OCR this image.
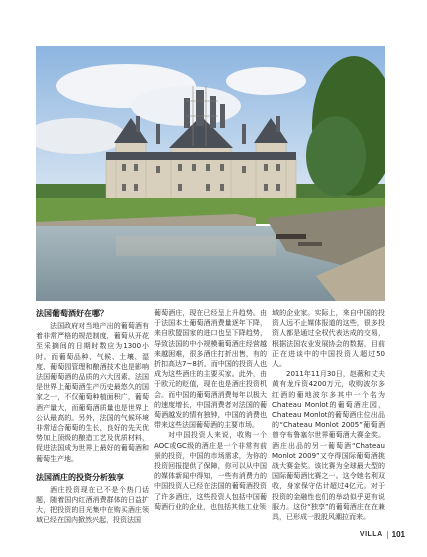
法国葡萄酒好在哪？

法国政府对当地产出的葡萄酒有着非常严格的规范制度，葡萄从开花至采摘间的日期时数应为1300小时。而葡萄品种、气候、土壤、湿度、葡萄园管理和酿酒技术也是影响法国葡萄酒的品质的六大因素。法国是世界上葡萄酒生产历史最悠久的国家之一，不仅葡萄种植面积广，葡萄酒产量大，而葡萄酒质量也是世界上公认最高的。另外，法国的气候环境非常适合葡萄的生长，良好的先天优势加上顶级的酿造工艺及优质材料，促进法国成为世界上最好的葡萄酒和葡萄生产地。

法国酒庄的投资分析独享

酒庄投资现在已不是个热门话题，随着国内红酒消费群体的日益扩大，把投资的目光集中在购买酒庄领域已经在国内掀然兴起，投资法国

葡萄酒庄，现在已经呈上升趋势。由于法国本土葡萄酒消费量逐年下降，来自欧盟国家的进口也呈下降趋势，导致法国的中小规模葡萄酒庄经营越来越困难，很多酒庄打折出售，有的折扣高达7~8折。而中国的投资人也成为这些酒庄的主要买家。此外，由于欧元的贬值，现在也是酒庄投资机会。而中国的葡萄酒消费每年以极大的速度增长，中国消费者对法国的葡萄酒越发的情有独钟，中国的消费也带来这些法国葡萄酒的主要市场。

对中国投资人来说，收购一个AOC或GC级的酒庄是一个非常有前景的投资，中国的市场需求，为你的投资回报提供了保障，你可以从中国的媒体新闻中得知，一些有消费力的中国投资人已经在法国的葡萄酒投资了许多酒庄，这些投资人包括中国葡萄酒行业的企业，也包括其他工业领

域的企业家。实际上，来自中国的投资人远不止媒体报道的这些，很多投资人都是通过全权代表达成的交易，根据法国农业发展协会的数据，目前正在进谈中的中国投资人超过50人。

2011年11月30日，赵薇和丈夫黄有龙斥资4200万元，收购波尔多红酒的葡地波尔多其中一个名为Chateau Monlot的葡萄酒庄园，Chateau Monlot的葡萄酒庄位出品的“Chateau Monlot 2005”葡萄酒曾夺布鲁塞尔世界葡萄酒大赛金奖。酒庄出品的另一葡萄酒“Chateau Monlot 2009”又夺得国际葡萄酒挑战大赛金奖。该比赛为全球最大型的国际葡萄酒比赛之一。这令她名利双收，身家保守估计超过4亿元。对于投资的金融性也们的举动似乎更有说服力。这份“独享”的葡萄酒庄在在兼具，已形成一股股风潮拉而来。

VILLA 101
